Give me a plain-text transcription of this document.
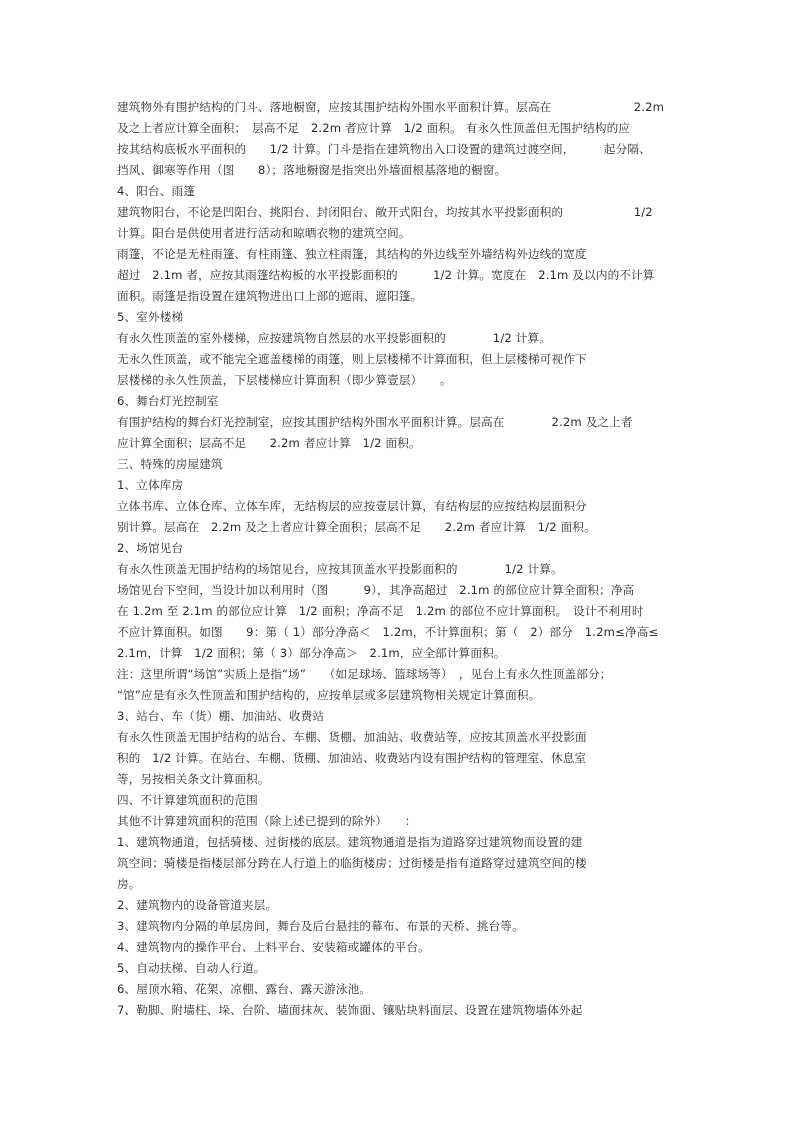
建筑物外有围护结构的门斗、落地橱窗，应按其围护结构外围水平面积计算。层高在　　　　　　　2.2m
及之上者应计算全面积；　层高不足　2.2m 者应计算　1/2 面积。 有永久性顶盖但无围护结构的应
按其结构底板水平面积的　　1/2 计算。门斗是指在建筑物出入口设置的建筑过渡空间，　　　起分隔、
挡风、御寒等作用（图　　8）；落地橱窗是指突出外墙面根基落地的橱窗。
4、阳台、雨篷
建筑物阳台，不论是凹阳台、挑阳台、封闭阳台、敞开式阳台，均按其水平投影面积的　　　　　　1/2
计算。阳台是供使用者进行活动和晾晒衣物的建筑空间。
雨篷，不论是无柱雨篷、有柱雨篷、独立柱雨篷，其结构的外边线至外墙结构外边线的宽度
超过　2.1m 者，应按其雨篷结构板的水平投影面积的　　　1/2 计算。宽度在　2.1m 及以内的不计算
面积。雨篷是指设置在建筑物进出口上部的遮雨、遮阳篷。
5、室外楼梯
有永久性顶盖的室外楼梯，应按建筑物自然层的水平投影面积的　　　　1/2 计算。
无永久性顶盖，或不能完全遮盖楼梯的雨篷，则上层楼梯不计算面积，但上层楼梯可视作下
层楼梯的永久性顶盖，下层楼梯应计算面积（即少算壹层）　　。
6、舞台灯光控制室
有围护结构的舞台灯光控制室，应按其围护结构外围水平面积计算。层高在　　　　2.2m 及之上者
应计算全面积；层高不足　　2.2m 者应计算　1/2 面积。
三、特殊的房屋建筑
1、立体库房
立体书库、立体仓库、立体车库，无结构层的应按壹层计算，有结构层的应按结构层面积分
别计算。层高在　2.2m 及之上者应计算全面积；层高不足　　2.2m 者应计算　1/2 面积。
2、场馆见台
有永久性顶盖无围护结构的场馆见台，应按其顶盖水平投影面积的　　　　1/2 计算。
场馆见台下空间，当设计加以利用时（图　　　9），其净高超过　2.1m 的部位应计算全面积；净高
在 1.2m 至 2.1m 的部位应计算　1/2 面积；净高不足　1.2m 的部位不应计算面积。　设计不利用时
不应计算面积。如图　　9：第（ 1）部分净高＜　1.2m，不计算面积；第（　2）部分　1.2m≤净高≤
2.1m，计算　1/2 面积；第（ 3）部分净高＞　2.1m，应全部计算面积。
注：这里所谓“场馆”实质上是指“场”　　（如足球场、篮球场等）　，见台上有永久性顶盖部分；
“馆”应是有永久性顶盖和围护结构的，应按单层或多层建筑物相关规定计算面积。
3、站台、车（货）棚、加油站、收费站
有永久性顶盖无围护结构的站台、车棚、货棚、加油站、收费站等，应按其顶盖水平投影面
积的　1/2 计算。在站台、车棚、货棚、加油站、收费站内设有围护结构的管理室、休息室
等，另按相关条文计算面积。
四、不计算建筑面积的范围
其他不计算建筑面积的范围（除上述已提到的除外）　　：
1、建筑物通道，包括骑楼、过街楼的底层。建筑物通道是指为道路穿过建筑物而设置的建
筑空间；骑楼是指楼层部分跨在人行道上的临街楼房；过街楼是指有道路穿过建筑空间的楼
房。
2、建筑物内的设备管道夹层。
3、建筑物内分隔的单层房间，舞台及后台悬挂的幕布、布景的天桥、挑台等。
4、建筑物内的操作平台、上料平台、安装箱或罐体的平台。
5、自动扶梯、自动人行道。
6、屋顶水箱、花架、凉棚、露台、露天游泳池。
7、勒脚、附墙柱、垛、台阶、墙面抹灰、装饰面、镶贴块料面层、设置在建筑物墙体外起
